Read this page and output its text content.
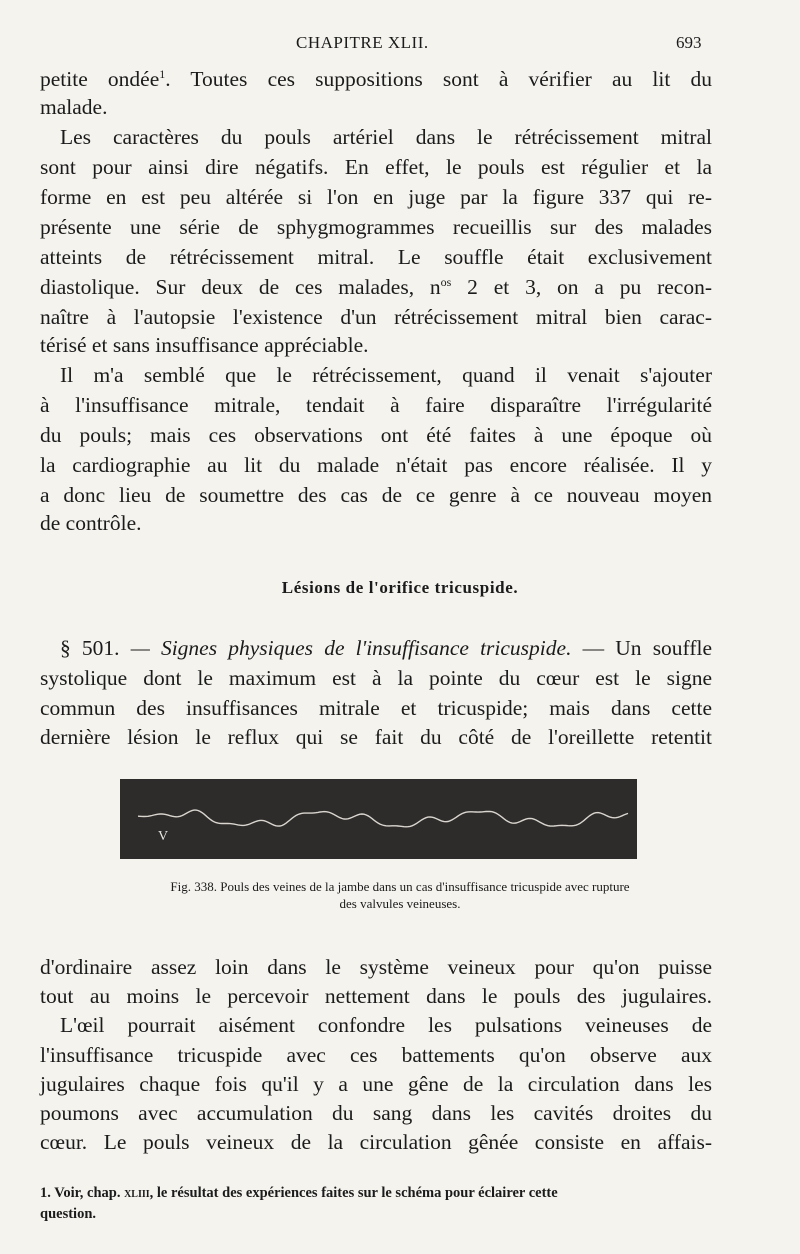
CHAPITRE XLII.	693
petite ondée$^1$. Toutes ces suppositions sont à vérifier au lit du
malade.
Les caractères du pouls artériel dans le rétrécissement mitral
sont pour ainsi dire négatifs. En effet, le pouls est régulier et la
forme en est peu altérée si l'on en juge par la figure 337 qui re-
présente une série de sphygmogrammes recueillis sur des malades
atteints de rétrécissement mitral. Le souffle était exclusivement
diastolique. Sur deux de ces malades, $n^{os}$ 2 et 3, on a pu recon-
naître à l'autopsie l'existence d'un rétrécissement mitral bien carac-
térisé et sans insuffisance appréciable.
Il m'a semblé que le rétrécissement, quand il venait s'ajouter
à l'insuffisance mitrale, tendait à faire disparaître l'irrégularité
du pouls; mais ces observations ont été faites à une époque où
la cardiographie au lit du malade n'était pas encore réalisée. Il y
a donc lieu de soumettre des cas de ce genre à ce nouveau moyen
de contrôle.
Lésions de l'orifice tricuspide.
§ 501. — Signes physiques de l'insuffisance tricuspide. — Un souffle
systolique dont le maximum est à la pointe du cœur est le signe
commun des insuffisances mitrale et tricuspide; mais dans cette
dernière lésion le reflux qui se fait du côté de l'oreillette retentit
V
Fig. 338. Pouls des veines de la jambe dans un cas d'insuffisance tricuspide avec rupture
des valvules veineuses.
d'ordinaire assez loin dans le système veineux pour qu'on puisse
tout au moins le percevoir nettement dans le pouls des jugulaires.
L'œil pourrait aisément confondre les pulsations veineuses de
l'insuffisance tricuspide avec ces battements qu'on observe aux
jugulaires chaque fois qu'il y a une gêne de la circulation dans les
poumons avec accumulation du sang dans les cavités droites du
cœur. Le pouls veineux de la circulation gênée consiste en affais-
1. Voir, chap. xliii, le résultat des expériences faites sur le schéma pour éclairer cette
question.
